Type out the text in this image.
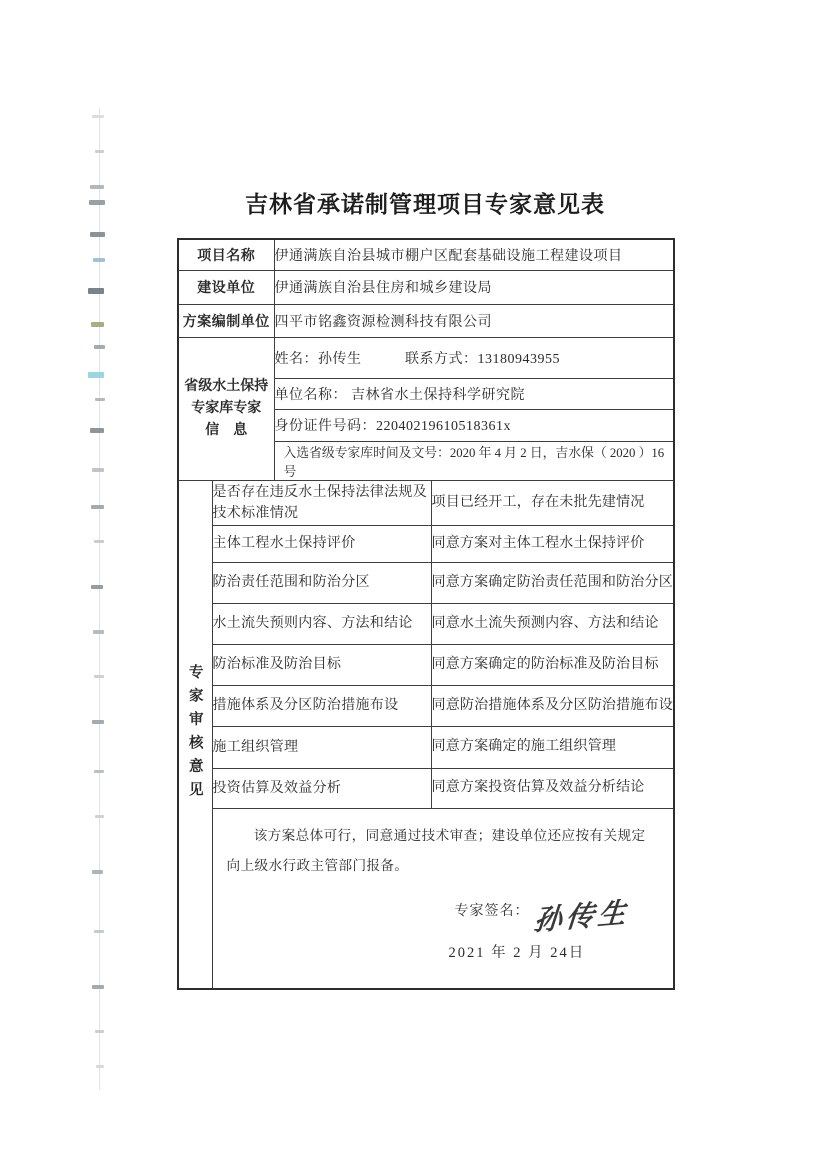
吉林省承诺制管理项目专家意见表
项目名称		伊通满族自治县城市棚户区配套基础设施工程建设项目	
建设单位		伊通满族自治县住房和城乡建设局	
方案编制单位		四平市铭鑫资源检测科技有限公司	

省级水土保持
专家库专家
信　息		姓名：孙传生　　　联系方式：13180943955	
		单位名称： 吉林省水土保持科学研究院	
		身份证件号码：22040219610518361x	
		入选省级专家库时间及文号：2020 年 4 月 2 日，吉水保（ 2020 ）16 号	

专家审核意见	是否存在违反水土保持法律法规及技术标准情况		项目已经开工，存在未批先建情况
	主体工程水土保持评价		同意方案对主体工程水土保持评价
	防治责任范围和防治分区		同意方案确定防治责任范围和防治分区
	水土流失预则内容、方法和结论		同意水土流失预测内容、方法和结论
	防治标准及防治目标		同意方案确定的防治标准及防治目标
	措施体系及分区防治措施布设		同意防治措施体系及分区防治措施布设
	施工组织管理		同意方案确定的施工组织管理
	投资估算及效益分析		同意方案投资估算及效益分析结论

	该方案总体可行，同意通过技术审查；建设单位还应按有关规定向上级水行政主管部门报备。

专家签名：孙传生
2021 年 2 月 24日		
